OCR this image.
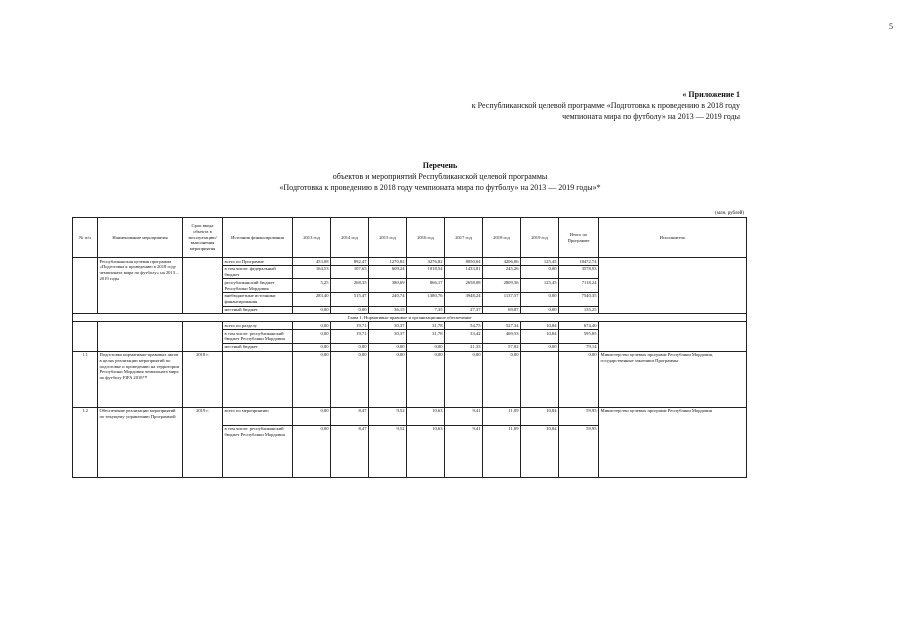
5
« Приложение 1
к Республиканской целевой программе «Подготовка к проведению в 2018 году
чемпионата мира по футболу» на 2013 — 2019 годы
Перечень
объектов и мероприятий Республиканской целевой программы
«Подготовка к проведению в 2018 году чемпионата мира по футболу» на 2013 — 2019 годы»*
(млн. рублей)
№ п/п	Наименование мероприятия	Срок ввода объекта в эксплуатацию/ выполнения мероприятия	Источник финансирования	2013 год	2014 год	2015 год	2016 год	2017 год	2018 год	2019 год	Итого по Программе	Исполнитель
	Республиканская целевая программа «Подготовка к проведению в 2018 году чемпионата мира по футболу» на 2013 – 2019 годы		всего по Программе	453,08	892,47	1270,82	3276,82	8050,04	4206,06	125,45	18472,74	
			в том числе: федеральный бюджет	164,53	107,65	609,24	1018,54	1433,81	245,26	0,00	3578,93	
			республиканский бюджет Республики Мордовия	5,25	268,35	380,69	866,17	2658,08	2809,36	125,45	7118,24	
			внебюджетные источники финансирования	283,40	515,47	240,74	1380,76	3948,24	1137,57	0,00	7540,35	
			местный бюджет	0,00	0,00	36,15	7,35	27,37	69,87	0,00	135,25	
Глава 1. Нормативно-правовое и организационное обеспечение												
			всего по разделу	0,00	19,71	30,37	31,78	54,75	527,34	10,84	674,40	
			в том числе: республиканский бюджет Республики Мордовия	0,00	19,71	30,37	31,78	33,42	469,53	10,84	595,85	
			местный бюджет	0,00	0,00	0,00	0,00	21,33	57,82	0,00	79,14	
1.1	Подготовка нормативно-правовых актов в целях реализации мероприятий по подготовке и проведению на территории Республики Мордовия чемпионата мира по футболу FIFA 2018™	2018 г.		0,00	0,00	0,00	0,00	0,00	0,00		0,00	Министерство целевых программ Республики Мордовия, государственные заказчики Программы
1.2	Обеспечение реализации мероприятий по текущему управлению Программой	2019 г.	всего по мероприятию	0,00	8,47	9,52	10,63	9,41	11,09	10,84	59,95	Министерство целевых программ Республики Мордовия
			в том числе: республиканский бюджет Республики Мордовия	0,00	8,47	9,52	10,63	9,41	11,09	10,84	59,95	
